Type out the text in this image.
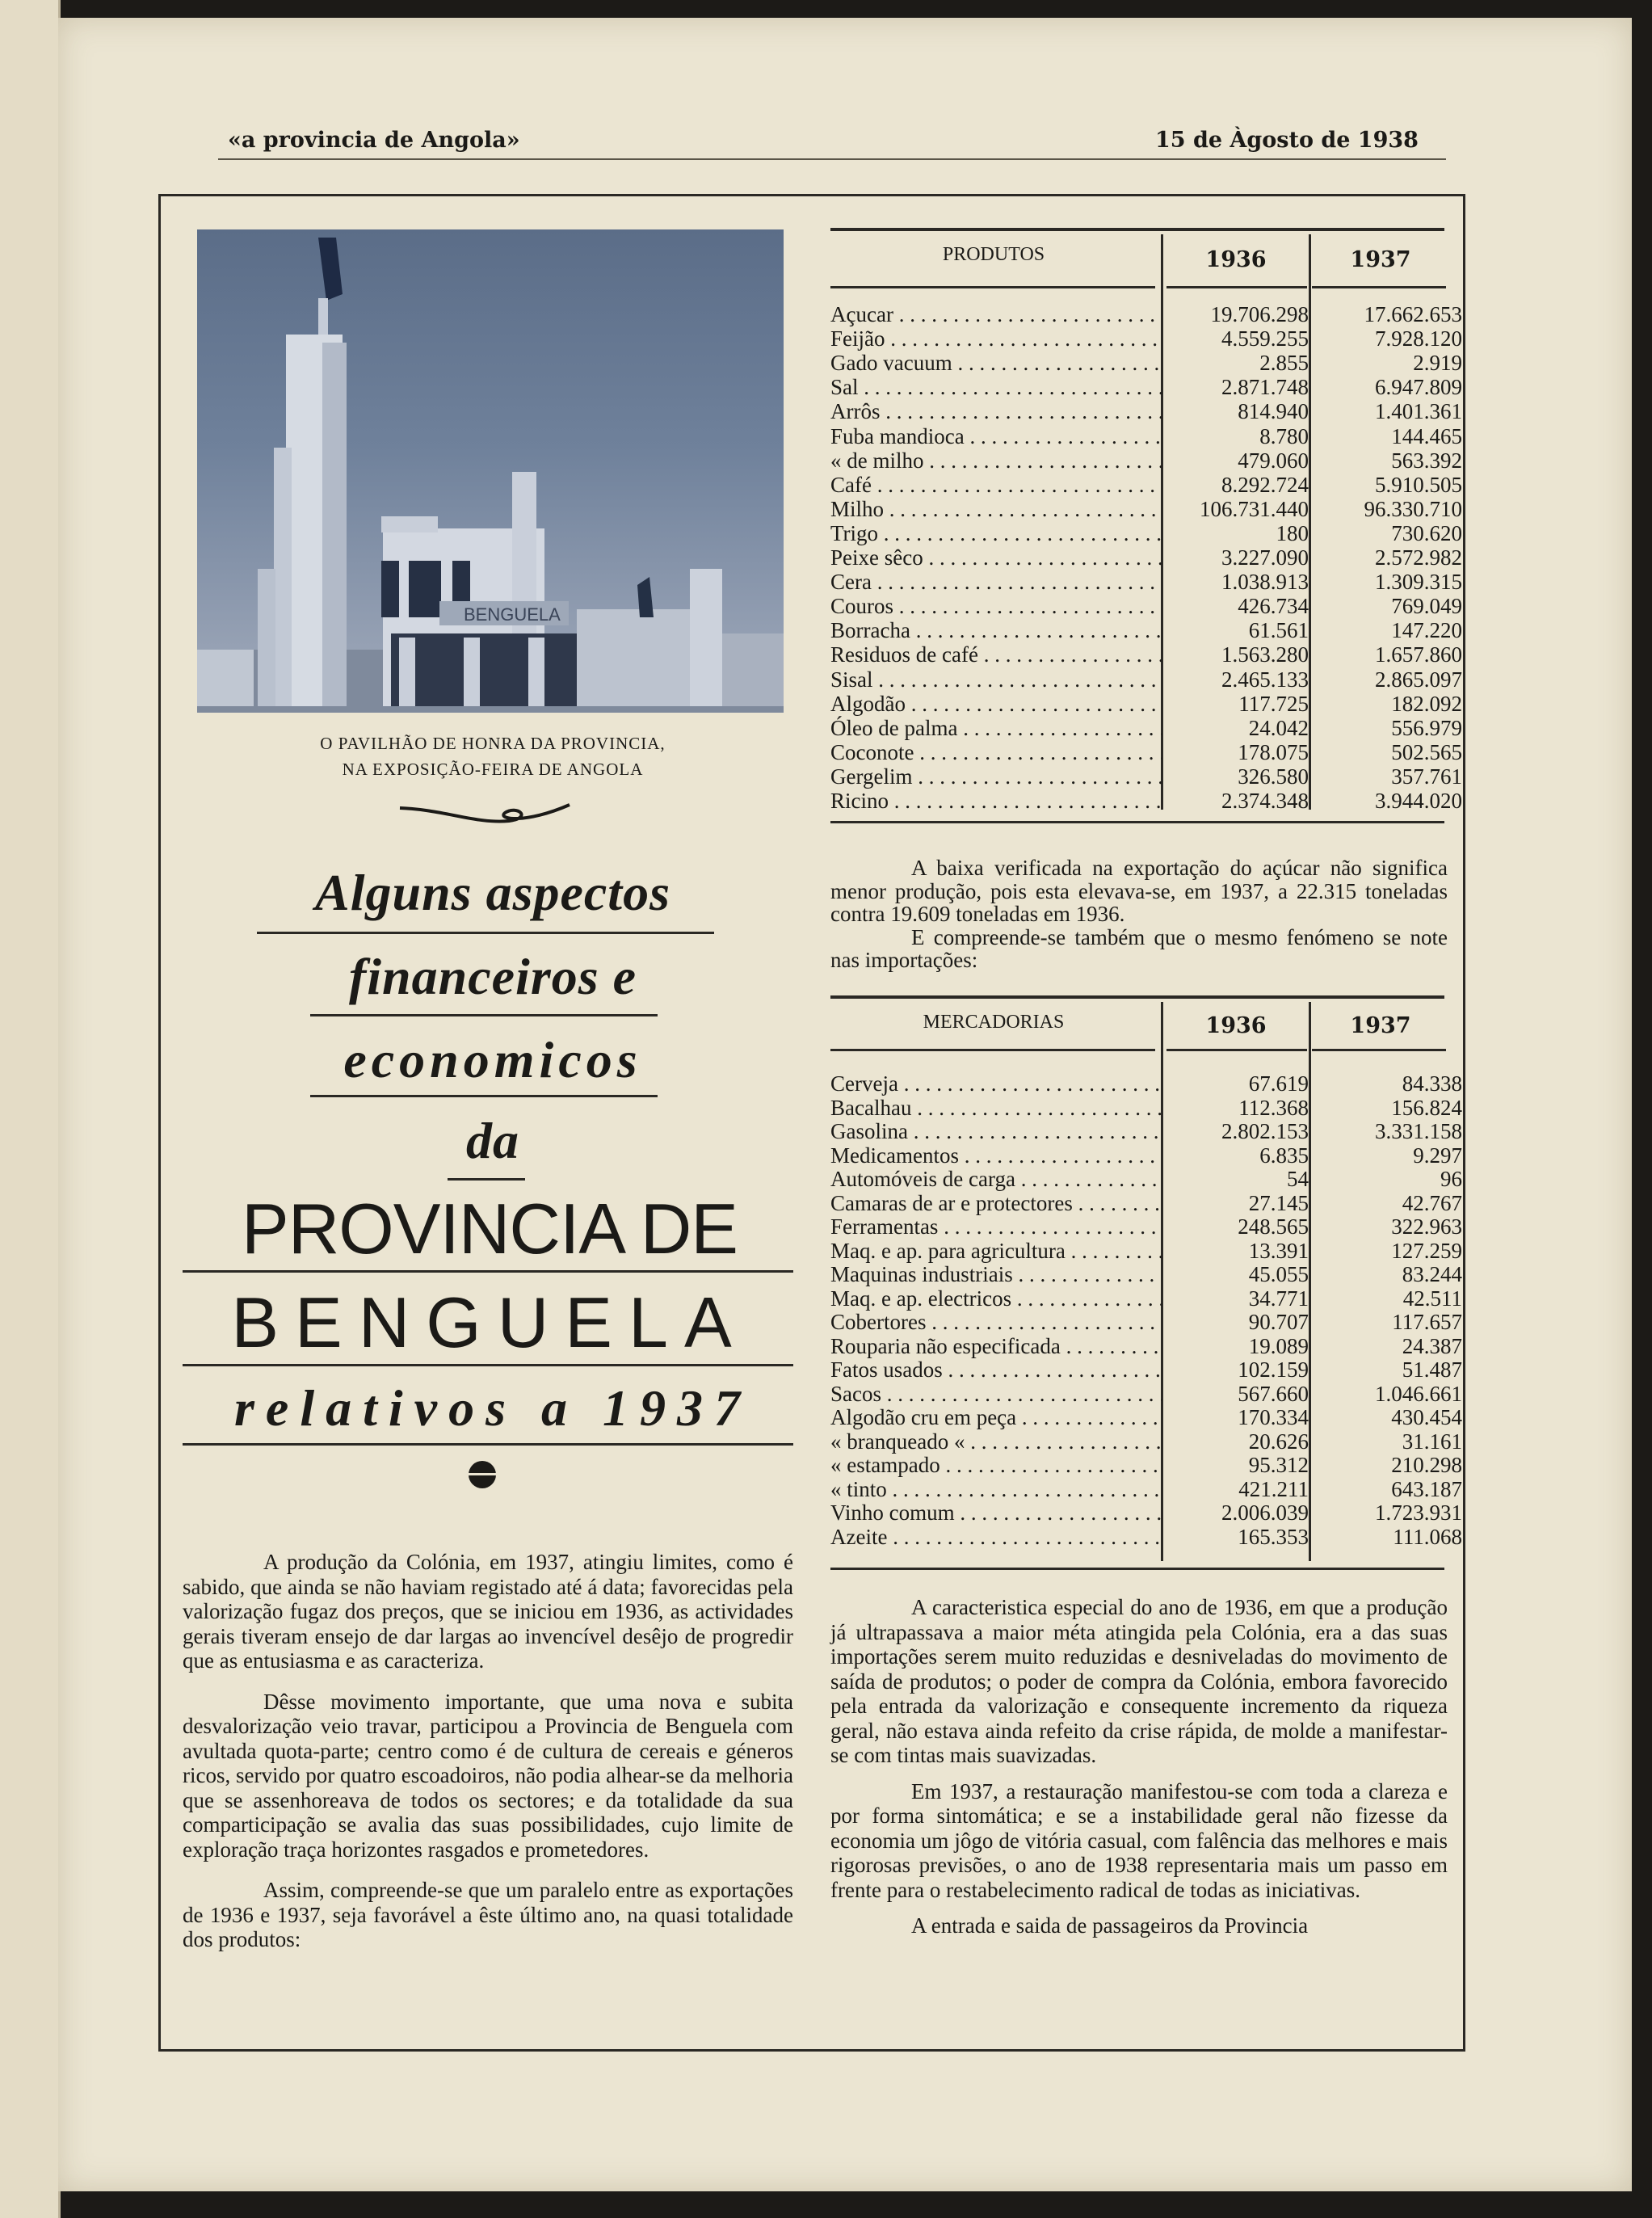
«a provincia de Angola»	15 de Àgosto de 1938
BENGUELA
O PAVILHÃO DE HONRA DA PROVINCIA,
NA EXPOSIÇÃO-FEIRA DE ANGOLA
Alguns aspectos
financeiros e
economicos
da
PROVINCIA DE
BENGUELA
relativos a 1937

A produção da Colónia, em 1937, atingiu limites, como é sabido, que ainda se não haviam registado até á data; favorecidas pela valorização fugaz dos preços, que se iniciou em 1936, as actividades gerais tiveram ensejo de dar largas ao invencível desêjo de progredir que as entusiasma e as caracteriza.

Dêsse movimento importante, que uma nova e subita desvalorização veio travar, participou a Provincia de Benguela com avultada quota-parte; centro como é de cultura de cereais e géneros ricos, servido por quatro escoadoiros, não podia alhear-se da melhoria que se assenhoreava de todos os sectores; e da totalidade da sua comparticipação se avalia das suas possibilidades, cujo limite de exploração traça horizontes rasgados e prometedores.

Assim, compreende-se que um paralelo entre as exportações de 1936 e 1937, seja favorável a êste último ano, na quasi totalidade dos produtos:

PRODUTOS	1936	1937
Açucar . . .	19.706.298	17.662.653
Feijão . . .	4.559.255	7.928.120
Gado vacuum . . .	2.855	2.919
Sal . . .	2.871.748	6.947.809
Arrôs . . .	814.940	1.401.361
Fuba mandioca . . .	8.780	144.465
« de milho . . .	479.060	563.392
Café . . .	8.292.724	5.910.505
Milho . . .	106.731.440	96.330.710
Trigo . . .	180	730.620
Peixe sêco . . .	3.227.090	2.572.982
Cera . . .	1.038.913	1.309.315
Couros . . .	426.734	769.049
Borracha . . .	61.561	147.220
Residuos de café . . .	1.563.280	1.657.860
Sisal . . .	2.465.133	2.865.097
Algodão . . .	117.725	182.092
Óleo de palma . . .	24.042	556.979
Coconote . . .	178.075	502.565
Gergelim . . .	326.580	357.761
Ricino . . .	2.374.348	3.944.020

A baixa verificada na exportação do açúcar não significa menor produção, pois esta elevava-se, em 1937, a 22.315 toneladas contra 19.609 toneladas em 1936.

E compreende-se também que o mesmo fenómeno se note nas importações:

MERCADORIAS	1936	1937
Cerveja . . .	67.619	84.338
Bacalhau . . .	112.368	156.824
Gasolina . . .	2.802.153	3.331.158
Medicamentos . . .	6.835	9.297
Automóveis de carga . . .	54	96
Camaras de ar e protectores . . .	27.145	42.767
Ferramentas . . .	248.565	322.963
Maq. e ap. para agricultura . . .	13.391	127.259
Maquinas industriais . . .	45.055	83.244
Maq. e ap. electricos . . .	34.771	42.511
Cobertores . . .	90.707	117.657
Rouparia não especificada . . .	19.089	24.387
Fatos usados . . .	102.159	51.487
Sacos . . .	567.660	1.046.661
Algodão cru em peça . . .	170.334	430.454
« branqueado « . . .	20.626	31.161
« estampado . . .	95.312	210.298
« tinto . . .	421.211	643.187
Vinho comum . . .	2.006.039	1.723.931
Azeite . . .	165.353	111.068

A caracteristica especial do ano de 1936, em que a produção já ultrapassava a maior méta atingida pela Colónia, era a das suas importações serem muito reduzidas e desniveladas do movimento de saída de produtos; o poder de compra da Colónia, embora favorecido pela entrada da valorização e consequente incremento da riqueza geral, não estava ainda refeito da crise rápida, de molde a manifestar-se com tintas mais suavizadas.

Em 1937, a restauração manifestou-se com toda a clareza e por forma sintomática; e se a instabilidade geral não fizesse da economia um jôgo de vitória casual, com falência das melhores e mais rigorosas previsões, o ano de 1938 representaria mais um passo em frente para o restabelecimento radical de todas as iniciativas.

A entrada e saida de passageiros da Provincia
